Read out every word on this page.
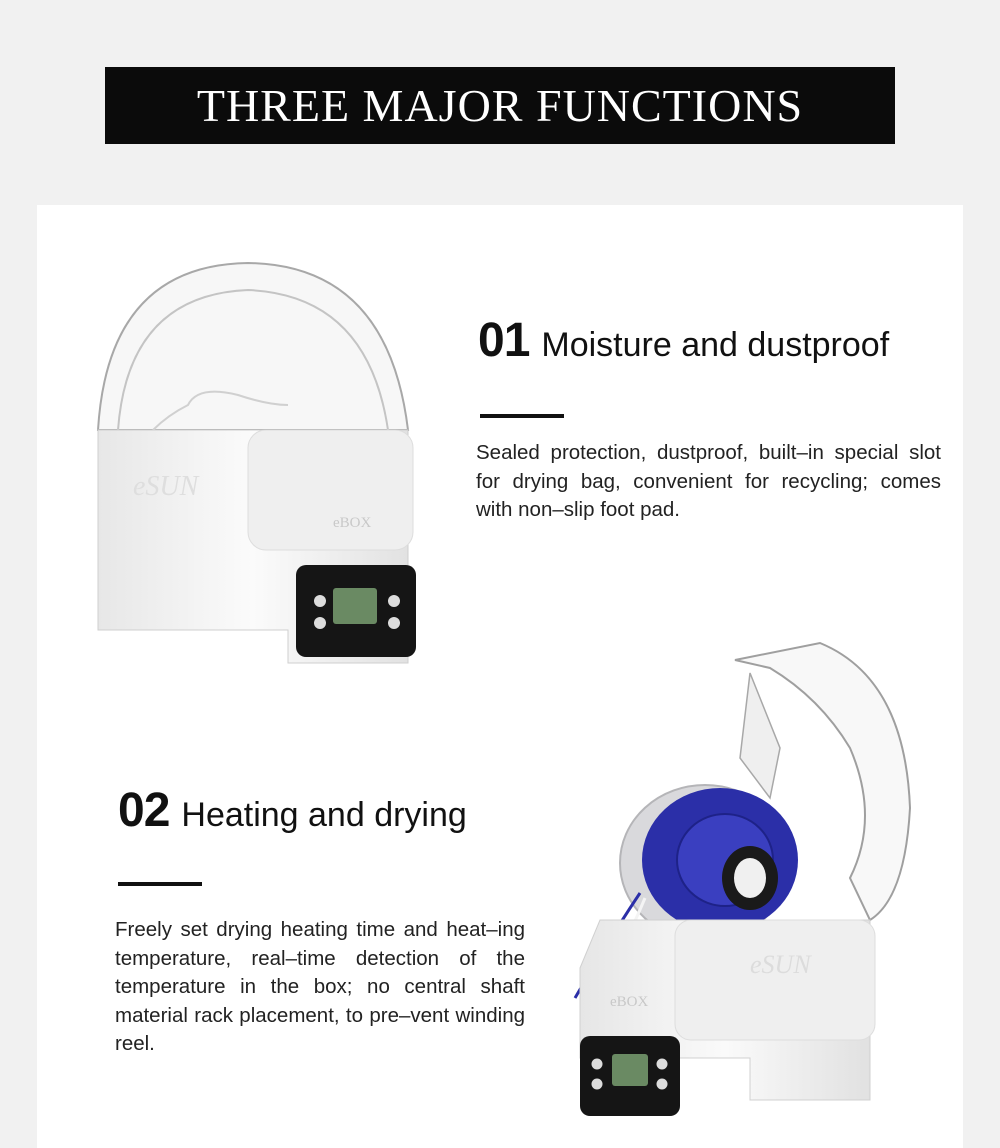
THREE MAJOR FUNCTIONS
eSUN
eBOX
01 Moisture and dustproof
Sealed protection, dustproof, built–in special slot for drying bag, convenient for recycling; comes with non–slip foot pad.
02 Heating and drying
Freely set drying heating time and heat–ing temperature, real–time detection of the temperature in the box; no central shaft material rack placement, to pre–vent winding reel.
eSUN
eBOX
